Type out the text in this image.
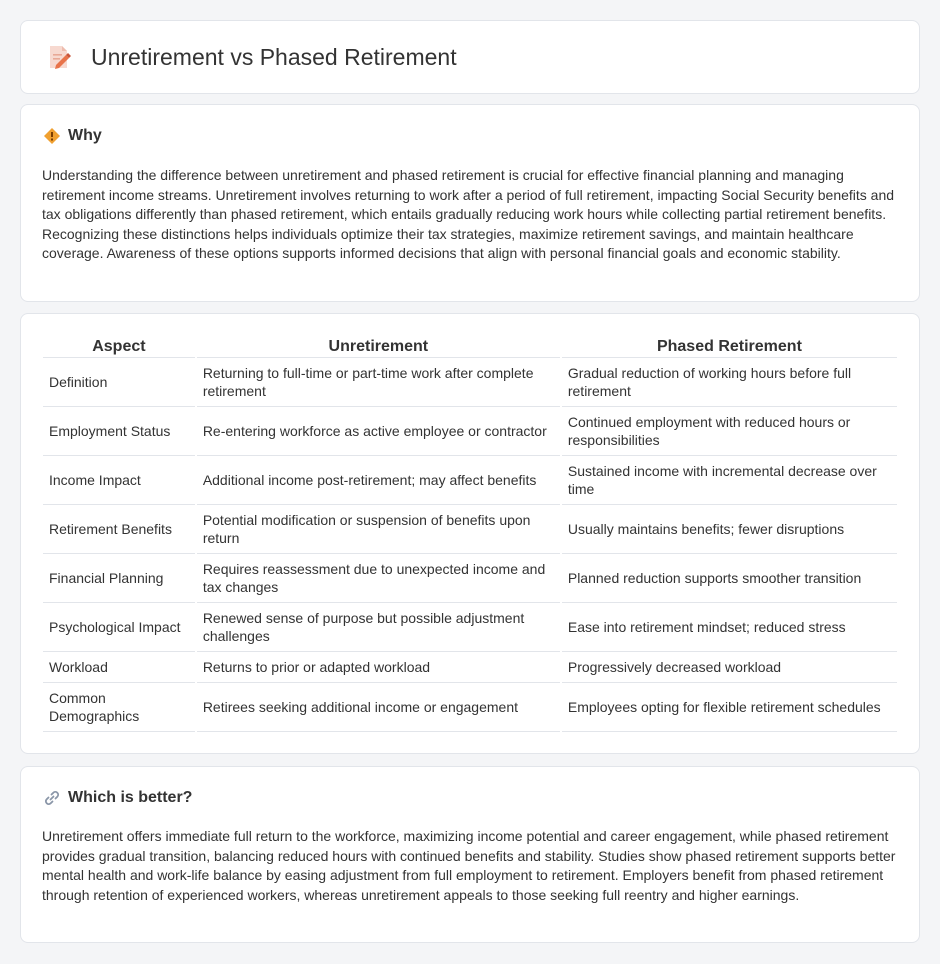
Unretirement vs Phased Retirement
Why

Understanding the difference between unretirement and phased retirement is crucial for effective financial planning and managing retirement income streams. Unretirement involves returning to work after a period of full retirement, impacting Social Security benefits and tax obligations differently than phased retirement, which entails gradually reducing work hours while collecting partial retirement benefits. Recognizing these distinctions helps individuals optimize their tax strategies, maximize retirement savings, and maintain healthcare coverage. Awareness of these options supports informed decisions that align with personal financial goals and economic stability.

Aspect	Unretirement	Phased Retirement
Definition	Returning to full-time or part-time work after complete retirement	Gradual reduction of working hours before full retirement
Employment Status	Re-entering workforce as active employee or contractor	Continued employment with reduced hours or responsibilities
Income Impact	Additional income post-retirement; may affect benefits	Sustained income with incremental decrease over time
Retirement Benefits	Potential modification or suspension of benefits upon return	Usually maintains benefits; fewer disruptions
Financial Planning	Requires reassessment due to unexpected income and tax changes	Planned reduction supports smoother transition
Psychological Impact	Renewed sense of purpose but possible adjustment challenges	Ease into retirement mindset; reduced stress
Workload	Returns to prior or adapted workload	Progressively decreased workload
Common Demographics	Retirees seeking additional income or engagement	Employees opting for flexible retirement schedules
Which is better?

Unretirement offers immediate full return to the workforce, maximizing income potential and career engagement, while phased retirement provides gradual transition, balancing reduced hours with continued benefits and stability. Studies show phased retirement supports better mental health and work-life balance by easing adjustment from full employment to retirement. Employers benefit from phased retirement through retention of experienced workers, whereas unretirement appeals to those seeking full reentry and higher earnings.
